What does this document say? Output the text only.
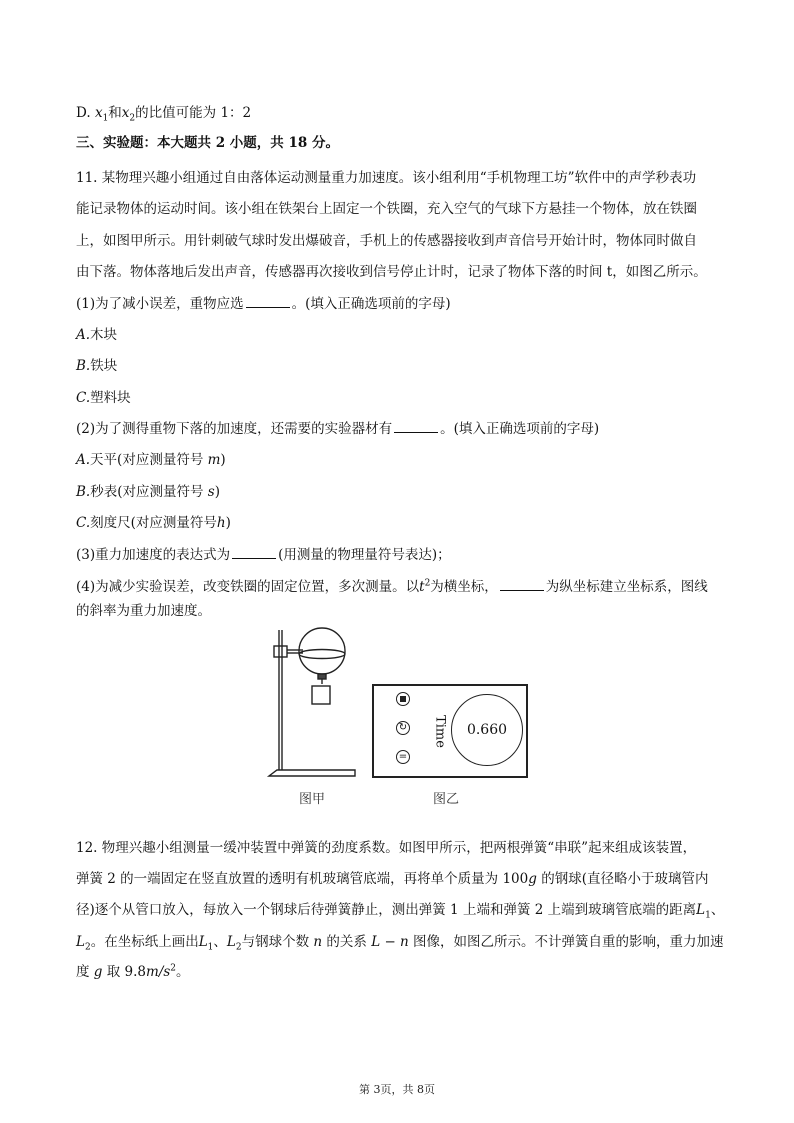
D. $x_1$和$x_2$的比值可能为 1：2
三、实验题：本大题共 2 小题，共 18 分。
11. 某物理兴趣小组通过自由落体运动测量重力加速度。该小组利用“手机物理工坊”软件中的声学秒表功
能记录物体的运动时间。该小组在铁架台上固定一个铁圈，充入空气的气球下方悬挂一个物体，放在铁圈
上，如图甲所示。用针刺破气球时发出爆破音，手机上的传感器接收到声音信号开始计时，物体同时做自
由下落。物体落地后发出声音，传感器再次接收到信号停止计时，记录了物体下落的时间 t，如图乙所示。
(1)为了减小误差，重物应选	。(填入正确选项前的字母)
A.木块
B.铁块
C.塑料块
(2)为了测得重物下落的加速度，还需要的实验器材有	。(填入正确选项前的字母)
A.天平(对应测量符号 m)
B.秒表(对应测量符号 s)
C.刻度尺(对应测量符号h)
(3)重力加速度的表达式为	(用测量的物理量符号表达)；
(4)为减少实验误差，改变铁圈的固定位置，多次测量。以$t^2$为横坐标，	为纵坐标建立坐标系，图线
的斜率为重力加速度。
↻
=
Time	0.660
图甲	图乙
12. 物理兴趣小组测量一缓冲装置中弹簧的劲度系数。如图甲所示，把两根弹簧“串联”起来组成该装置，
弹簧 2 的一端固定在竖直放置的透明有机玻璃管底端，再将单个质量为 100g 的钢球(直径略小于玻璃管内
径)逐个从管口放入，每放入一个钢球后待弹簧静止，测出弹簧 1 上端和弹簧 2 上端到玻璃管底端的距离$L_1$、
$L_2$。在坐标纸上画出$L_1$、$L_2$与钢球个数 n 的关系 L − n 图像，如图乙所示。不计弹簧自重的影响，重力加速
度 g 取 $9.8m/s^2$。
第 3页，共 8页
